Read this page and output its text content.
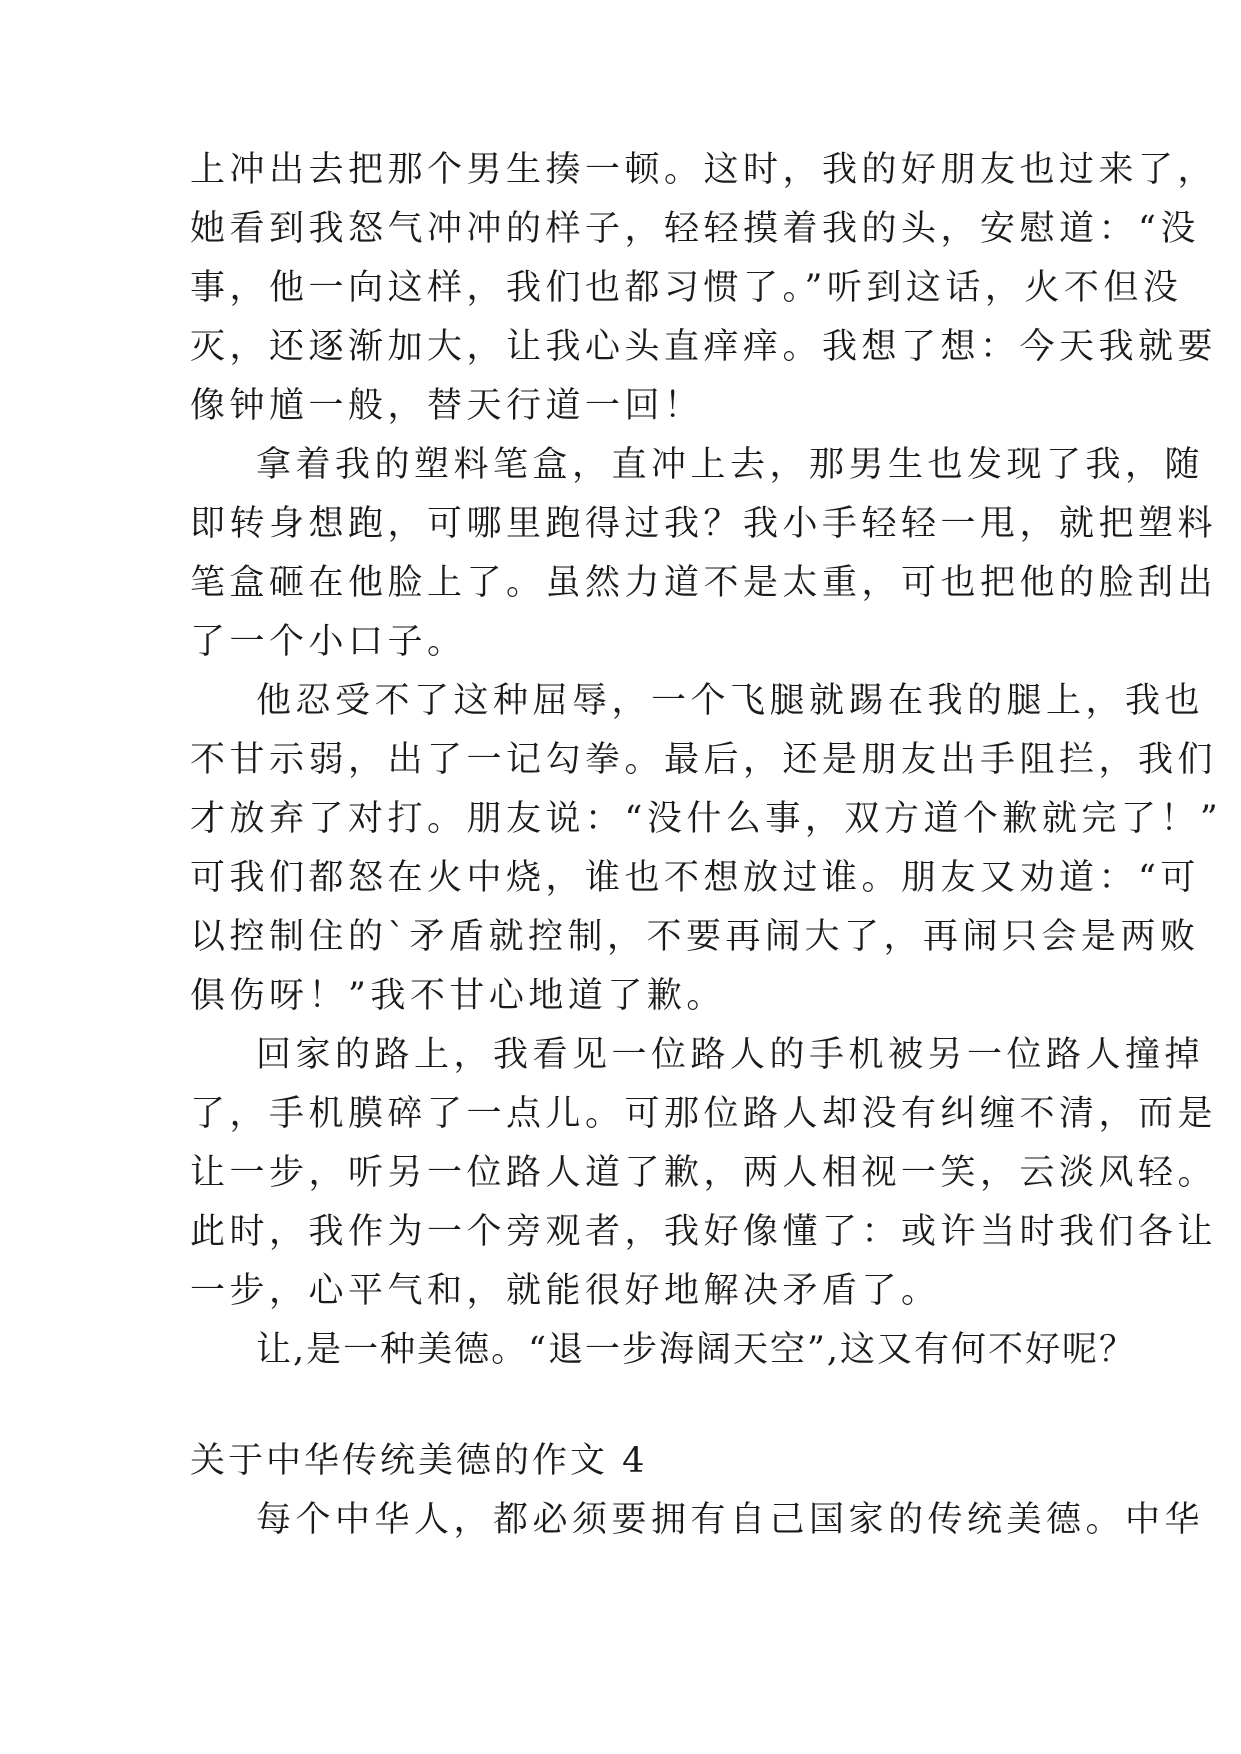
上冲出去把那个男生揍一顿。这时，我的好朋友也过来了，
她看到我怒气冲冲的样子，轻轻摸着我的头，安慰道：“没
事，他一向这样，我们也都习惯了。”听到这话，火不但没
灭，还逐渐加大，让我心头直痒痒。我想了想：今天我就要
像钟馗一般，替天行道一回！
拿着我的塑料笔盒，直冲上去，那男生也发现了我，随
即转身想跑，可哪里跑得过我？我小手轻轻一甩，就把塑料
笔盒砸在他脸上了。虽然力道不是太重，可也把他的脸刮出
了一个小口子。
他忍受不了这种屈辱，一个飞腿就踢在我的腿上，我也
不甘示弱，出了一记勾拳。最后，还是朋友出手阻拦，我们
才放弃了对打。朋友说：“没什么事，双方道个歉就完了！”
可我们都怒在火中烧，谁也不想放过谁。朋友又劝道：“可
以控制住的`矛盾就控制，不要再闹大了，再闹只会是两败
俱伤呀！”我不甘心地道了歉。
回家的路上，我看见一位路人的手机被另一位路人撞掉
了，手机膜碎了一点儿。可那位路人却没有纠缠不清，而是
让一步，听另一位路人道了歉，两人相视一笑，云淡风轻。
此时，我作为一个旁观者，我好像懂了：或许当时我们各让
一步，心平气和，就能很好地解决矛盾了。
让,是一种美德。“退一步海阔天空”,这又有何不好呢？
关于中华传统美德的作文 4
每个中华人，都必须要拥有自己国家的传统美德。中华
